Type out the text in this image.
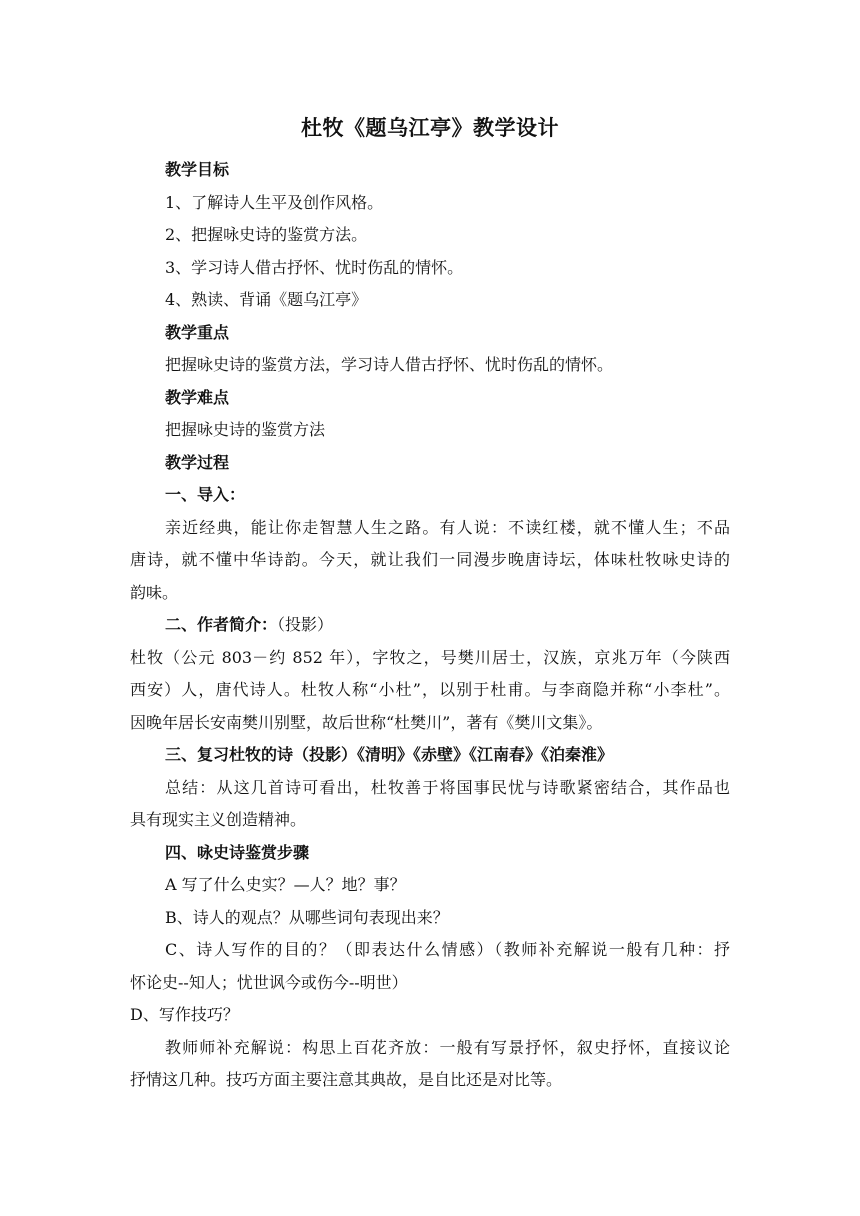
杜牧《题乌江亭》教学设计
教学目标
1、了解诗人生平及创作风格。
2、把握咏史诗的鉴赏方法。
3、学习诗人借古抒怀、忧时伤乱的情怀。
4、熟读、背诵《题乌江亭》
教学重点
把握咏史诗的鉴赏方法，学习诗人借古抒怀、忧时伤乱的情怀。
教学难点
把握咏史诗的鉴赏方法
教学过程
一、导入：
亲近经典，能让你走智慧人生之路。有人说：不读红楼，就不懂人生；不品
唐诗，就不懂中华诗韵。今天，就让我们一同漫步晚唐诗坛，体味杜牧咏史诗的
韵味。
二、作者简介：（投影）
杜牧（公元 803－约 852 年），字牧之，号樊川居士，汉族，京兆万年（今陕西
西安）人，唐代诗人。杜牧人称“小杜”，以别于杜甫。与李商隐并称“小李杜”。
因晚年居长安南樊川别墅，故后世称“杜樊川”，著有《樊川文集》。
三、复习杜牧的诗（投影）《清明》《赤壁》《江南春》《泊秦淮》
总结：从这几首诗可看出，杜牧善于将国事民忧与诗歌紧密结合，其作品也
具有现实主义创造精神。
四、咏史诗鉴赏步骤
A 写了什么史实？—人？地？事？
B、诗人的观点？从哪些词句表现出来？
C、诗人写作的目的？（即表达什么情感）（教师补充解说一般有几种：抒
怀论史--知人；忧世讽今或伤今--明世）
D、写作技巧？
教师师补充解说：构思上百花齐放：一般有写景抒怀，叙史抒怀，直接议论
抒情这几种。技巧方面主要注意其典故，是自比还是对比等。
